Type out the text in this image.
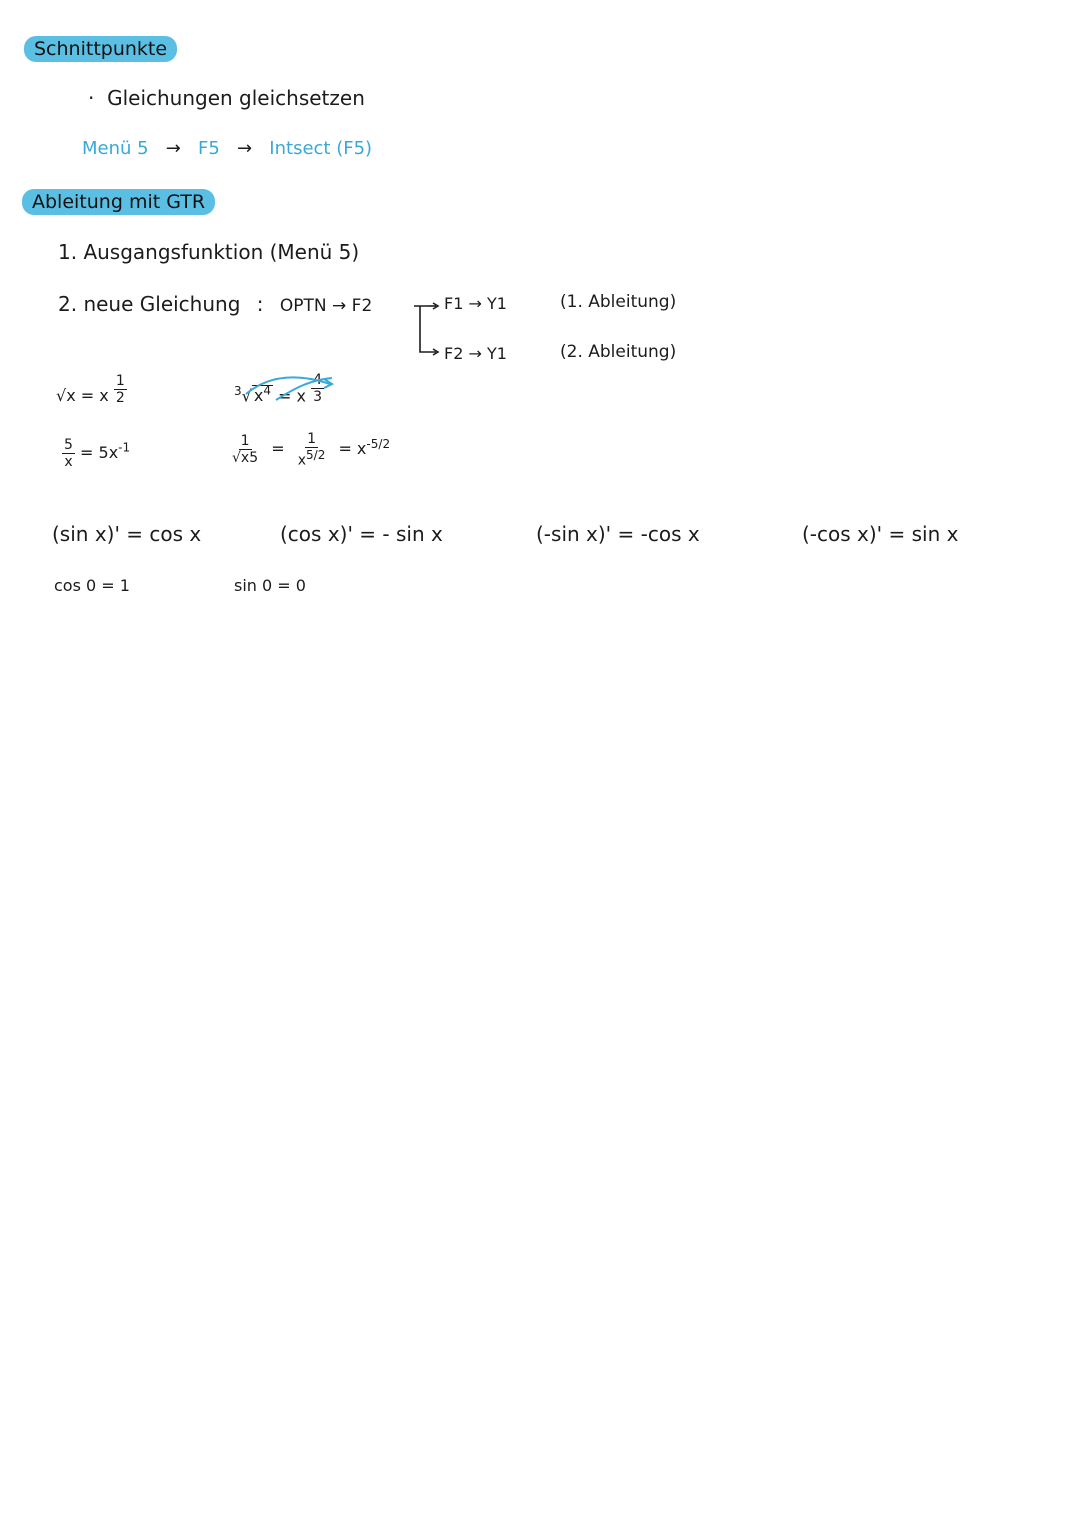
Schnittpunkte
·  Gleichungen gleichsetzen
Menü 5   →   F5   →   Intsect (F5)
Ableitung mit GTR
1. Ausgangsfunktion (Menü 5)
2. neue Gleichung : OPTN → F2	F1 → Y1	(1. Ableitung)
F2 → Y1	(2. Ableitung)
√x = x $\frac{1}{2}$	$^3$√ $x^4 = x \frac{4}{3}$
$\frac{5}{x} = 5x^{-1}$	$\frac{1}{√x5} = \frac{1}{x^{5/2}} = x^{-5/2}$
(sin x)' = cos x	(cos x)' = - sin x	(-sin x)' = -cos x	(-cos x)' = sin x
cos 0 = 1	sin 0 = 0
